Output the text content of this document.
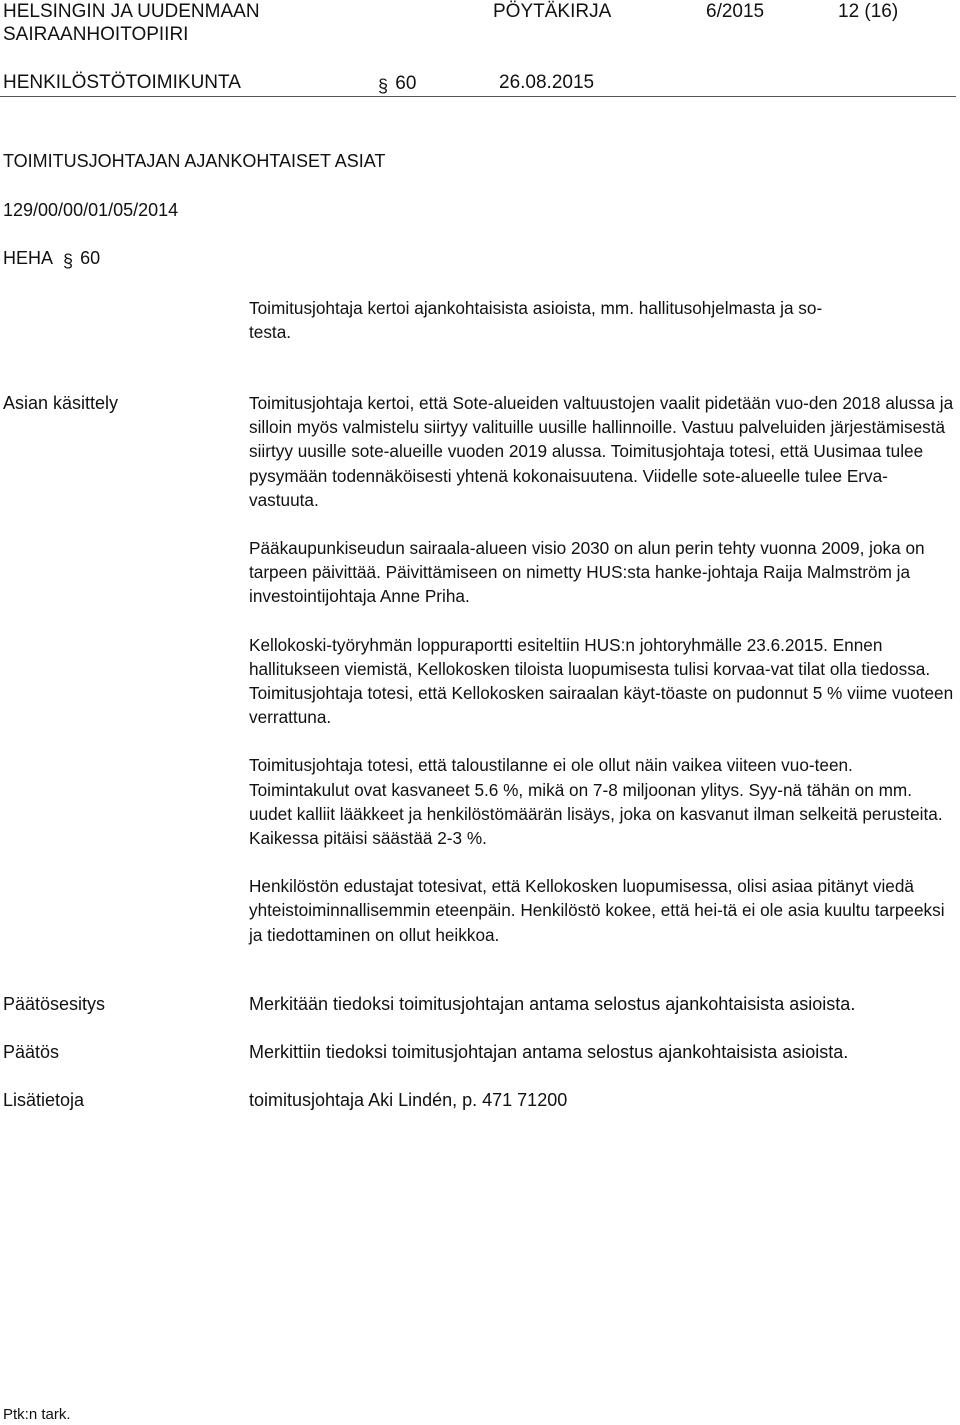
HELSINGIN JA UUDENMAAN
SAIRAANHOITOPIIRI
PÖYTÄKIRJA	6/2015	12 (16)
HENKILÖSTÖTOIMIKUNTA	§ 60	26.08.2015
TOIMITUSJOHTAJAN AJANKOHTAISET ASIAT
129/00/00/01/05/2014
HEHA § 60
Toimitusjohtaja kertoi ajankohtaisista asioista, mm. hallitusohjelmasta ja so-
testa.
Asian käsittely	Toimitusjohtaja kertoi, että Sote-alueiden valtuustojen vaalit pidetään vuo-den 2018 alussa ja silloin myös valmistelu siirtyy valituille uusille hallinnoille. Vastuu palveluiden järjestämisestä siirtyy uusille sote-alueille vuoden 2019 alussa. Toimitusjohtaja totesi, että Uusimaa tulee pysymään todennäköisesti yhtenä kokonaisuutena. Viidelle sote-alueelle tulee Erva-vastuuta.

Pääkaupunkiseudun sairaala-alueen visio 2030 on alun perin tehty vuonna 2009, joka on tarpeen päivittää. Päivittämiseen on nimetty HUS:sta hanke-johtaja Raija Malmström ja investointijohtaja Anne Priha.

Kellokoski-työryhmän loppuraportti esiteltiin HUS:n johtoryhmälle 23.6.2015. Ennen hallitukseen viemistä, Kellokosken tiloista luopumisesta tulisi korvaa-vat tilat olla tiedossa. Toimitusjohtaja totesi, että Kellokosken sairaalan käyt-töaste on pudonnut 5 % viime vuoteen verrattuna.

Toimitusjohtaja totesi, että taloustilanne ei ole ollut näin vaikea viiteen vuo-teen. Toimintakulut ovat kasvaneet 5.6 %, mikä on 7-8 miljoonan ylitys. Syy-nä tähän on mm. uudet kalliit lääkkeet ja henkilöstömäärän lisäys, joka on kasvanut ilman selkeitä perusteita. Kaikessa pitäisi säästää 2-3 %.

Henkilöstön edustajat totesivat, että Kellokosken luopumisessa, olisi asiaa pitänyt viedä yhteistoiminnallisemmin eteenpäin. Henkilöstö kokee, että hei-tä ei ole asia kuultu tarpeeksi ja tiedottaminen on ollut heikkoa.

Päätösesitys	Merkitään tiedoksi toimitusjohtajan antama selostus ajankohtaisista asioista.
Päätös	Merkittiin tiedoksi toimitusjohtajan antama selostus ajankohtaisista asioista.
Lisätietoja	toimitusjohtaja Aki Lindén, p. 471 71200
Ptk:n tark.
